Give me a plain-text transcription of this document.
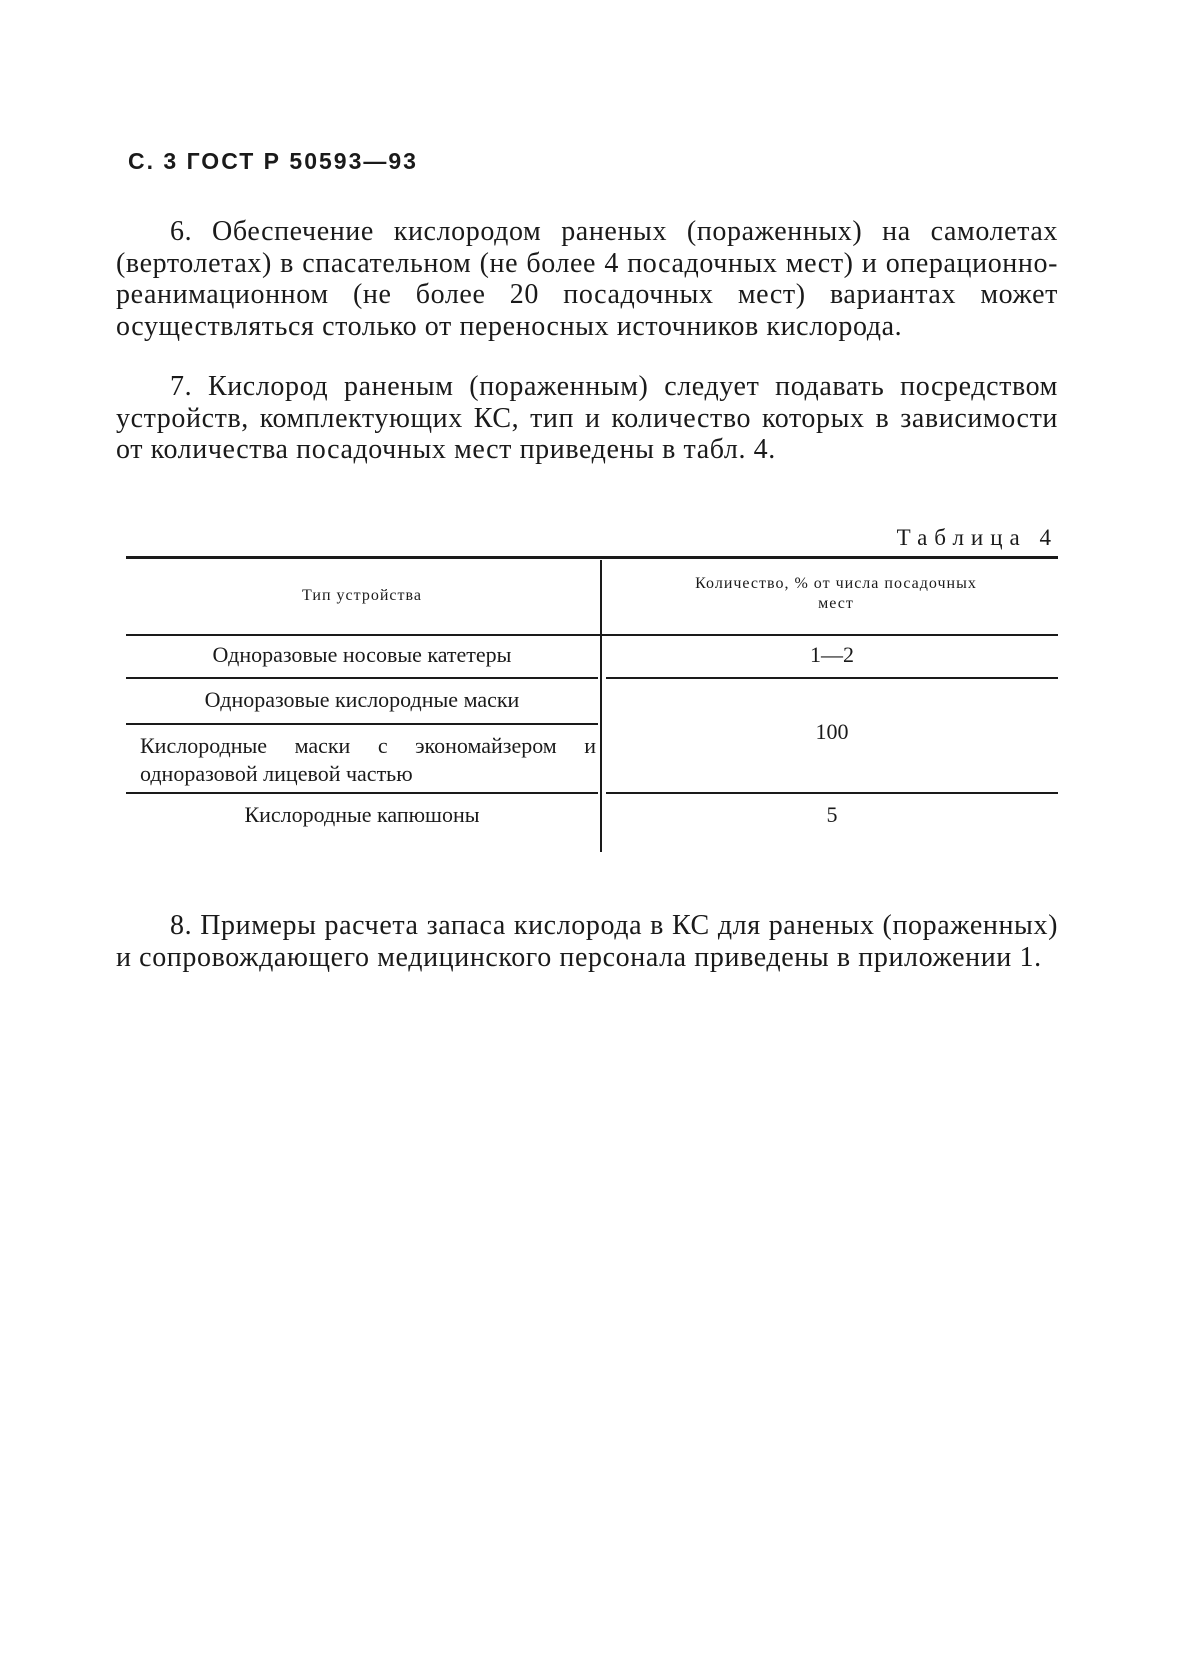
С. 3 ГОСТ Р 50593—93

6. Обеспечение кислородом раненых (пораженных) на самолетах (вертолетах) в спасательном (не более 4 посадочных мест) и операционно-реанимационном (не более 20 посадочных мест) вариантах может осуществляться столько от переносных источников кислорода.

7. Кислород раненым (пораженным) следует подавать посредством устройств, комплектующих КС, тип и количество которых в зависимости от количества посадочных мест приведены в табл. 4.

Таблица 4
Тип устройства
Количество, % от числа посадочных мест
Одноразовые носовые катетеры	1—2
Одноразовые кислородные маски
100
Кислородные маски с экономайзером и одноразовой лицевой частью
Кислородные капюшоны	5

8. Примеры расчета запаса кислорода в КС для раненых (пораженных) и сопровождающего медицинского персонала приведены в приложении 1.
